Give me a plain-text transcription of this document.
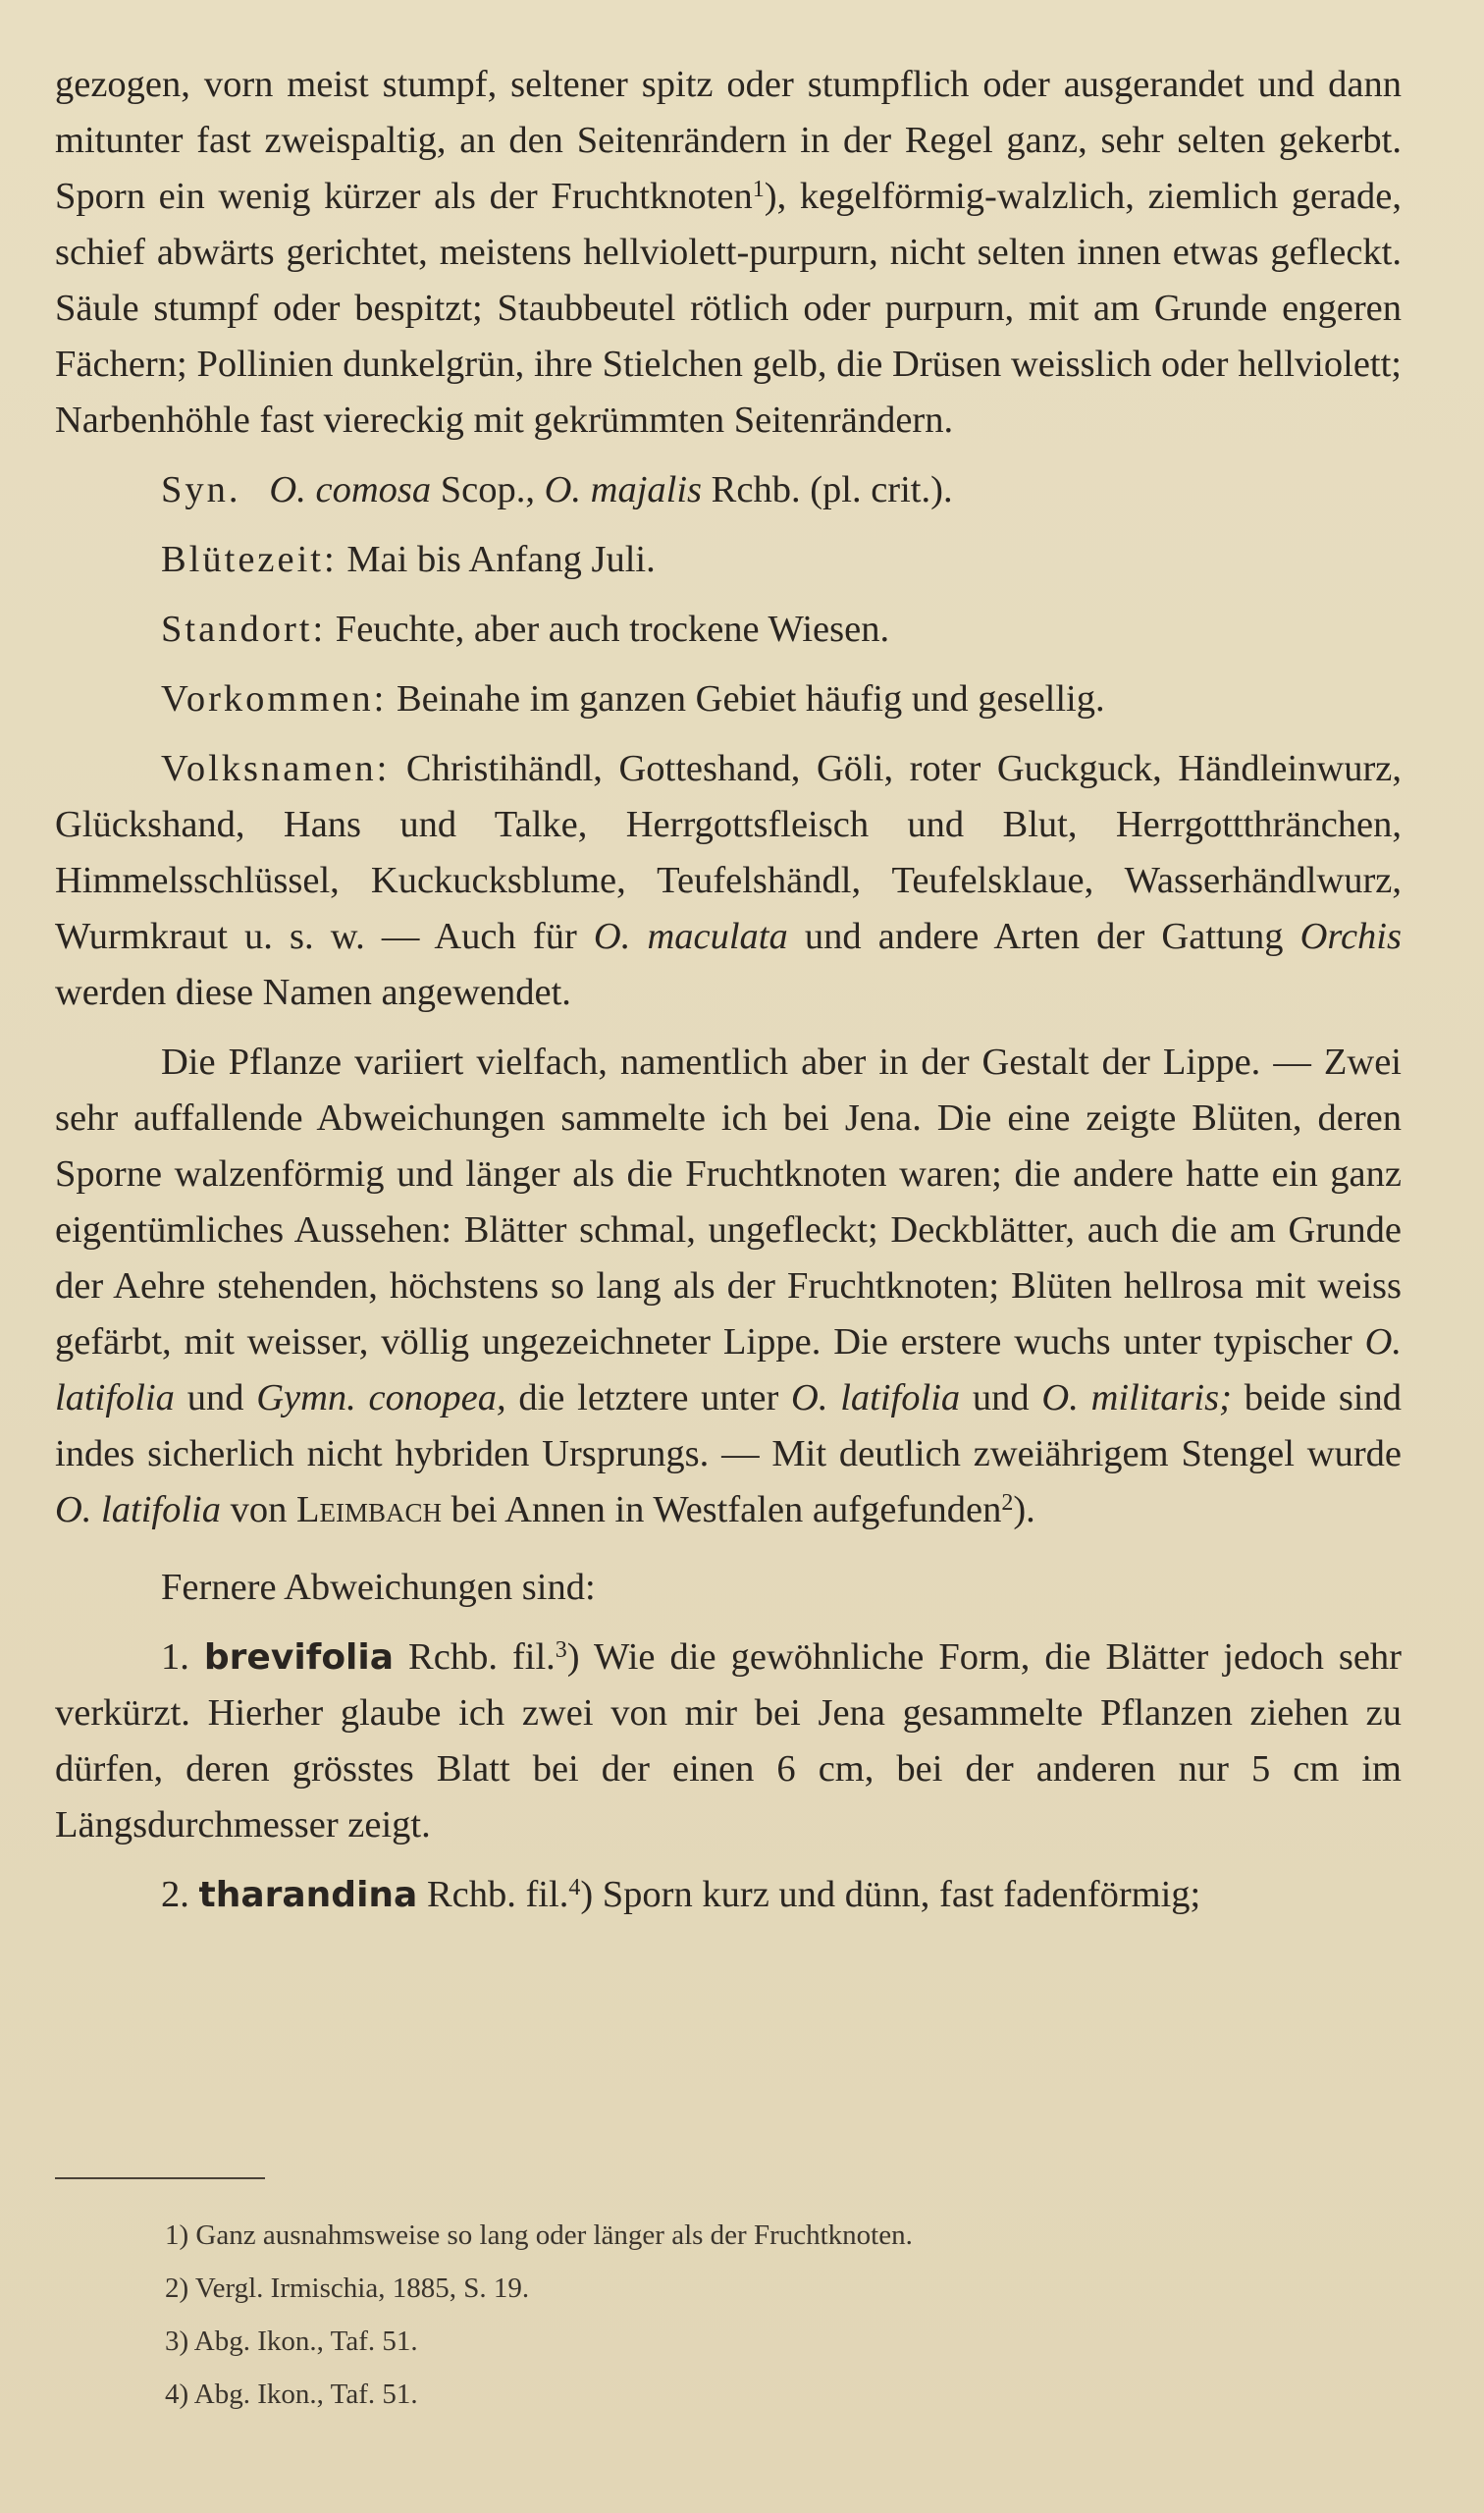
gezogen, vorn meist stumpf, seltener spitz oder stumpflich oder ausgerandet und dann mitunter fast zweispaltig, an den Seitenrändern in der Regel ganz, sehr selten gekerbt. Sporn ein wenig kürzer als der Fruchtknoten$^1$), kegelförmig-walzlich, ziemlich gerade, schief abwärts gerichtet, meistens hellviolett-purpurn, nicht selten innen etwas gefleckt. Säule stumpf oder bespitzt; Staubbeutel rötlich oder purpurn, mit am Grunde engeren Fächern; Pollinien dunkelgrün, ihre Stielchen gelb, die Drüsen weisslich oder hellviolett; Narbenhöhle fast viereckig mit gekrümmten Seitenrändern.

Syn. O. comosa Scop., O. majalis Rchb. (pl. crit.).

Blütezeit: Mai bis Anfang Juli.

Standort: Feuchte, aber auch trockene Wiesen.

Vorkommen: Beinahe im ganzen Gebiet häufig und gesellig.

Volksnamen: Christihändl, Gotteshand, Göli, roter Guckguck, Händleinwurz, Glückshand, Hans und Talke, Herrgottsfleisch und Blut, Herrgottthränchen, Himmelsschlüssel, Kuckucksblume, Teufelshändl, Teufelsklaue, Wasserhändlwurz, Wurmkraut u. s. w. — Auch für O. maculata und andere Arten der Gattung Orchis werden diese Namen angewendet.

Die Pflanze variiert vielfach, namentlich aber in der Gestalt der Lippe. — Zwei sehr auffallende Abweichungen sammelte ich bei Jena. Die eine zeigte Blüten, deren Sporne walzenförmig und länger als die Fruchtknoten waren; die andere hatte ein ganz eigentümliches Aussehen: Blätter schmal, ungefleckt; Deckblätter, auch die am Grunde der Aehre stehenden, höchstens so lang als der Fruchtknoten; Blüten hellrosa mit weiss gefärbt, mit weisser, völlig ungezeichneter Lippe. Die erstere wuchs unter typischer O. latifolia und Gymn. conopea, die letztere unter O. latifolia und O. militaris; beide sind indes sicherlich nicht hybriden Ursprungs. — Mit deutlich zweiährigem Stengel wurde O. latifolia von Leimbach bei Annen in Westfalen aufgefunden$^2$).

Fernere Abweichungen sind:

1. brevifolia Rchb. fil.$^3$) Wie die gewöhnliche Form, die Blätter jedoch sehr verkürzt. Hierher glaube ich zwei von mir bei Jena gesammelte Pflanzen ziehen zu dürfen, deren grösstes Blatt bei der einen 6 cm, bei der anderen nur 5 cm im Längsdurchmesser zeigt.

2. tharandina Rchb. fil.$^4$) Sporn kurz und dünn, fast fadenförmig;

1) Ganz ausnahmsweise so lang oder länger als der Fruchtknoten.
2) Vergl. Irmischia, 1885, S. 19.
3) Abg. Ikon., Taf. 51.
4) Abg. Ikon., Taf. 51.
